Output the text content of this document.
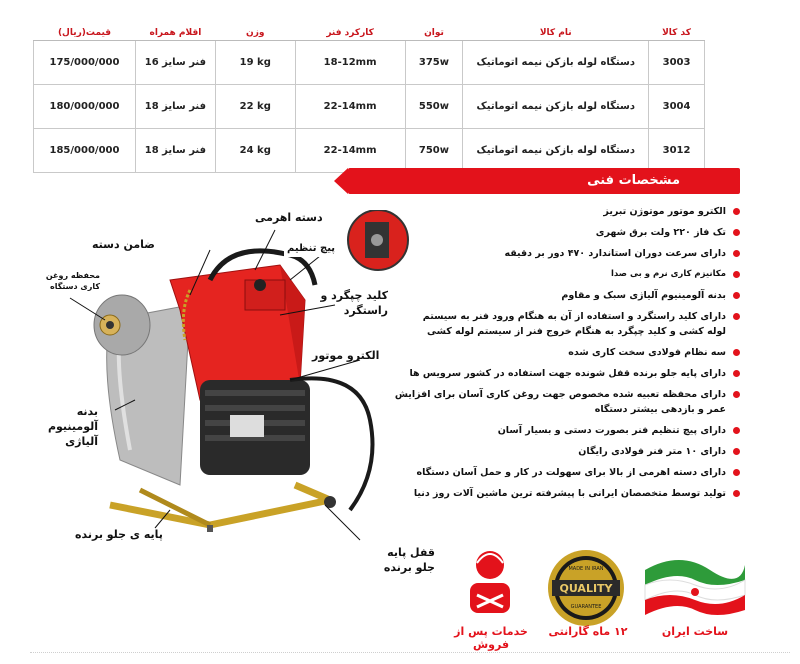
کد کالا	نام کالا	توان	کارکرد فنر	وزن	اقلام همراه	قیمت(ریال)
3003	دستگاه لوله بازکن نیمه اتوماتیک	375w	18-12mm	19 kg	فنر سایز 16	175/000/000
3004	دستگاه لوله بازکن نیمه اتوماتیک	550w	22-14mm	22 kg	فنر سایز 18	180/000/000
3012	دستگاه لوله بازکن نیمه اتوماتیک	750w	22-14mm	24 kg	فنر سایز 18	185/000/000
مشخصات فنی
الکترو موتور موتوژن تبریز
تک فاز ۲۲۰ ولت برق شهری
دارای سرعت دوران استاندارد ۴۷۰ دور بر دقیقه
مکانیزم کاری نرم و بی صدا
بدنه آلومینیوم آلیاژی سبک و مقاوم
دارای کلید راستگرد و استفاده از آن به هنگام ورود فنر به سیستم
لوله کشی و کلید چپگرد به هنگام خروج فنر از سیستم لوله کشی
سه نظام فولادی سخت کاری شده
دارای پایه جلو برنده قفل شونده جهت استفاده در کشور سرویس ها
دارای محفظه تعبیه شده مخصوص جهت روغن کاری آسان برای افزایش
عمر و بازدهی بیشتر دستگاه
دارای پیچ تنظیم فنر بصورت دستی و بسیار آسان
دارای ۱۰ متر فنر فولادی رایگان
دارای دسته اهرمی از بالا برای سهولت در کار و حمل آسان دستگاه
تولید توسط متخصصان ایرانی با پیشرفته ترین ماشین آلات روز دنیا
دسته اهرمی
ضامن دسته
محفظه روغن کاری دستگاه
پیچ تنظیم
کلید چپگرد و راستگرد
الکترو موتور
بدنه آلومینیوم آلیاژی
پایه ی جلو برنده
قفل پایه جلو برنده
خدمات پس از فروش
QUALITY
MADE IN IRAN
GUARANTEE
۱۲ ماه گارانتی	ساخت ایران
